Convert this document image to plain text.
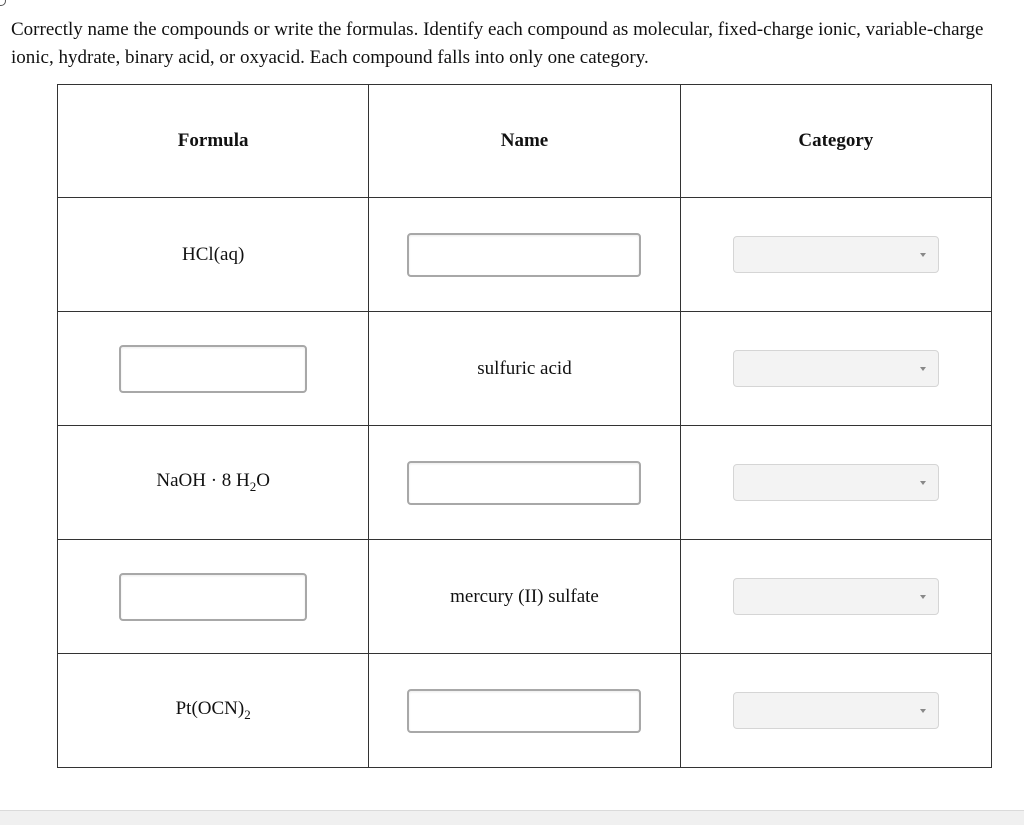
Correctly name the compounds or write the formulas. Identify each compound as molecular, fixed-charge ionic, variable-charge ionic, hydrate, binary acid, or oxyacid. Each compound falls into only one category.
Formula	Name	Category
HCl(aq)		

	sulfuric acid	

NaOH · 8 $H_2O$		

	mercury (II) sulfate	

$Pt(OCN)_2$		
